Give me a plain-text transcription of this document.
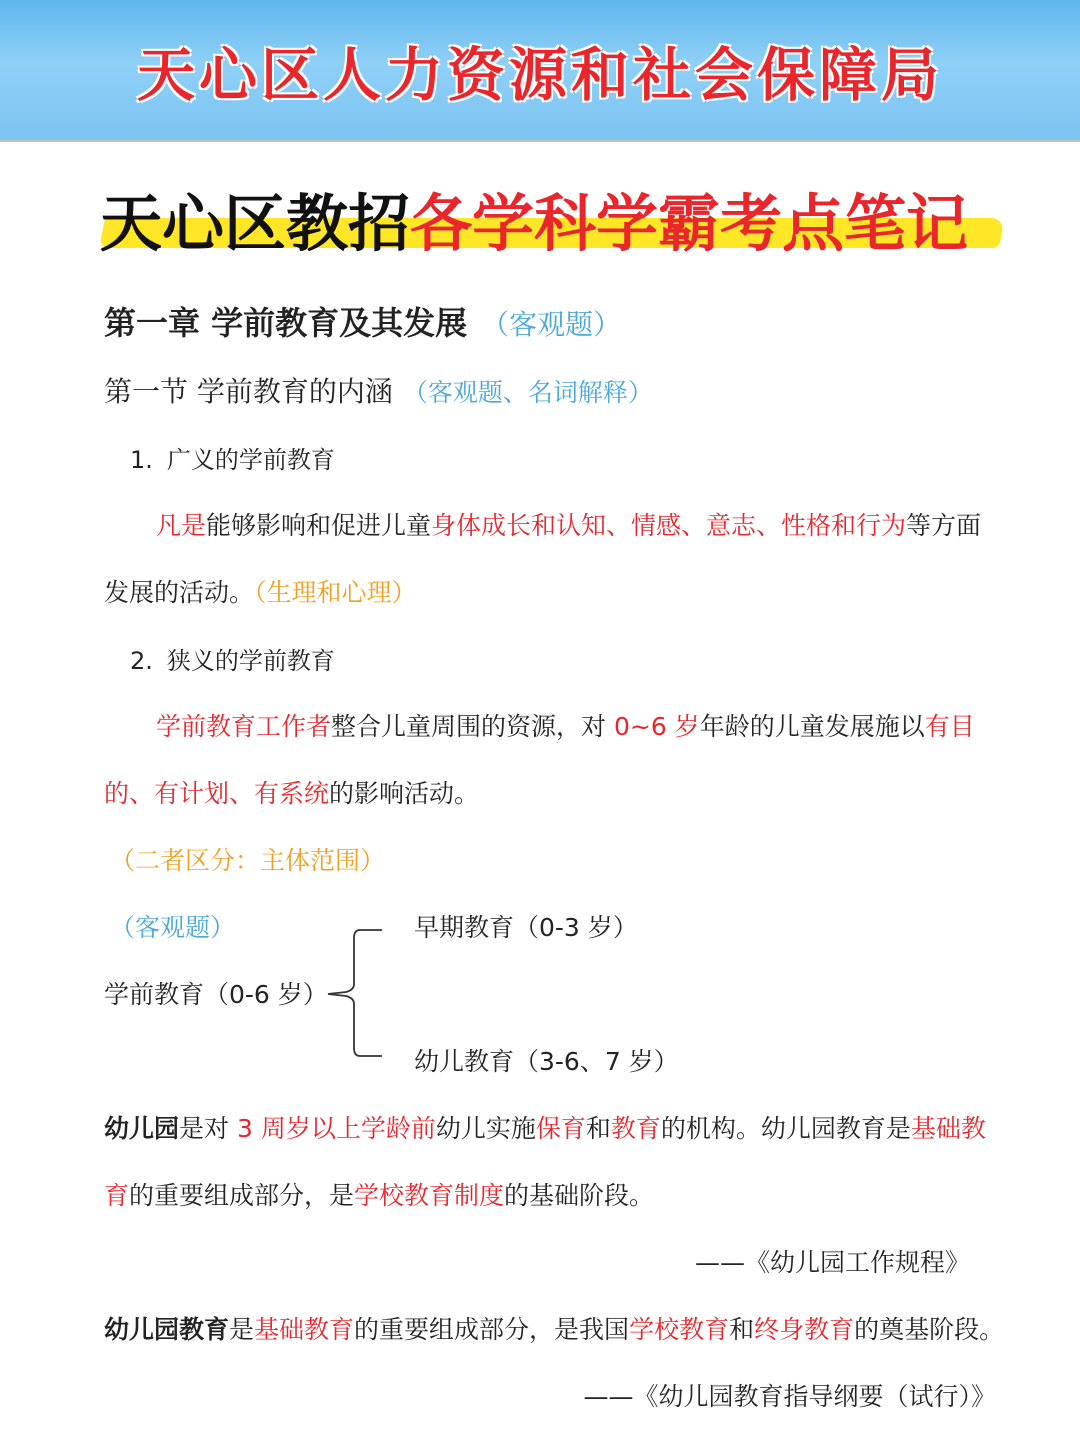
天心区人力资源和社会保障局
天心区教招各学科学霸考点笔记
第一章 学前教育及其发展 （客观题）
第一节 学前教育的内涵 （客观题、名词解释）
1. 广义的学前教育
凡是能够影响和促进儿童身体成长和认知、情感、意志、性格和行为等方面
发展的活动。（生理和心理）
2. 狭义的学前教育
学前教育工作者整合儿童周围的资源，对 0~6 岁年龄的儿童发展施以有目
的、有计划、有系统的影响活动。
（二者区分：主体范围）
（客观题）
学前教育（0-6 岁）
早期教育（0-3 岁）
幼儿教育（3-6、7 岁）
幼儿园是对 3 周岁以上学龄前幼儿实施保育和教育的机构。幼儿园教育是基础教
育的重要组成部分，是学校教育制度的基础阶段。
——《幼儿园工作规程》
幼儿园教育是基础教育的重要组成部分，是我国学校教育和终身教育的奠基阶段。
——《幼儿园教育指导纲要（试行）》
